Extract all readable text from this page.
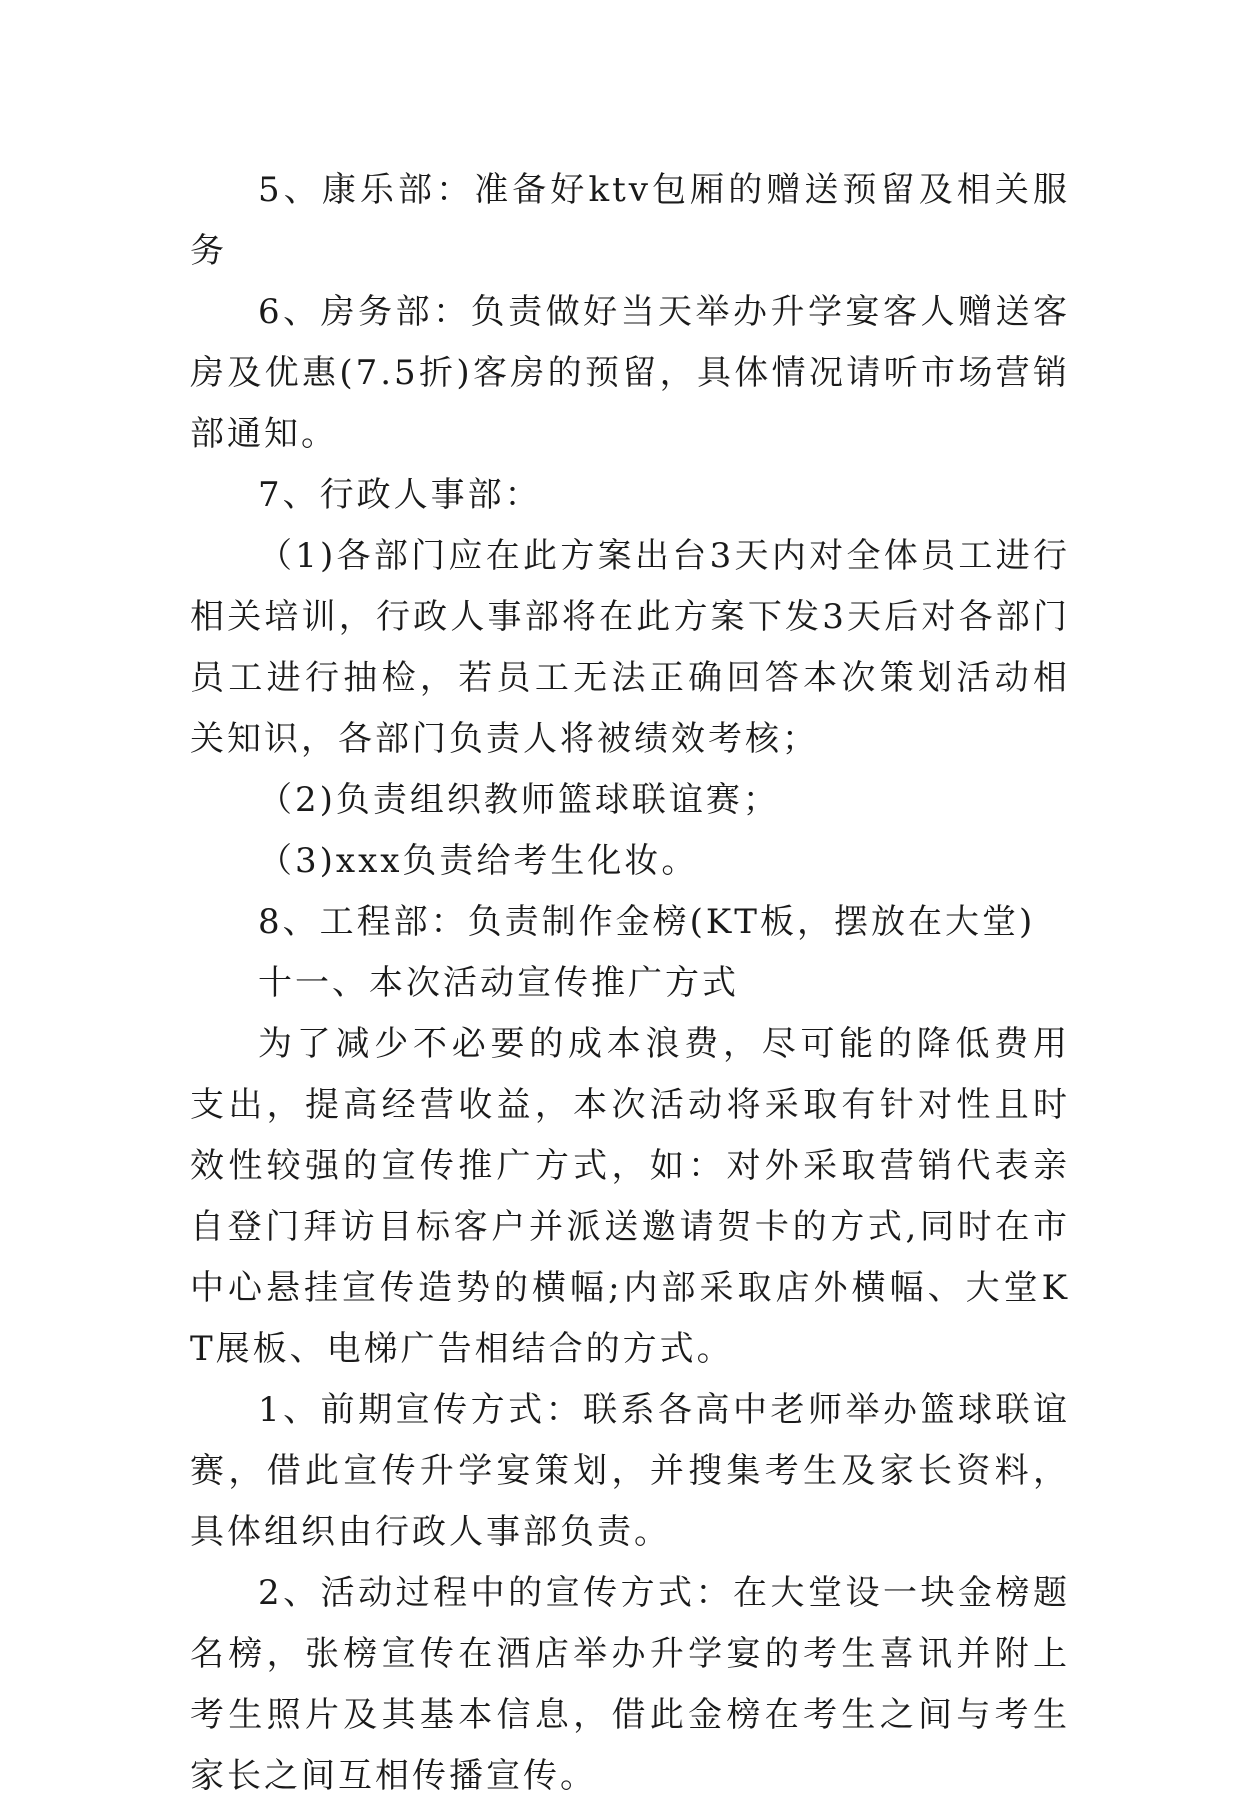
5、康乐部：准备好ktv包厢的赠送预留及相关服务

6、房务部：负责做好当天举办升学宴客人赠送客房及优惠(7.5折)客房的预留，具体情况请听市场营销部通知。

7、行政人事部：

（1)各部门应在此方案出台3天内对全体员工进行相关培训，行政人事部将在此方案下发3天后对各部门员工进行抽检，若员工无法正确回答本次策划活动相关知识，各部门负责人将被绩效考核；

（2)负责组织教师篮球联谊赛；

（3)xxx负责给考生化妆。

8、工程部：负责制作金榜(KT板，摆放在大堂)

十一、本次活动宣传推广方式

为了减少不必要的成本浪费，尽可能的降低费用支出，提高经营收益，本次活动将采取有针对性且时效性较强的宣传推广方式，如：对外采取营销代表亲自登门拜访目标客户并派送邀请贺卡的方式,同时在市中心悬挂宣传造势的横幅;内部采取店外横幅、大堂KT展板、电梯广告相结合的方式。

1、前期宣传方式：联系各高中老师举办篮球联谊赛，借此宣传升学宴策划，并搜集考生及家长资料，具体组织由行政人事部负责。

2、活动过程中的宣传方式：在大堂设一块金榜题名榜，张榜宣传在酒店举办升学宴的考生喜讯并附上考生照片及其基本信息，借此金榜在考生之间与考生家长之间互相传播宣传。
